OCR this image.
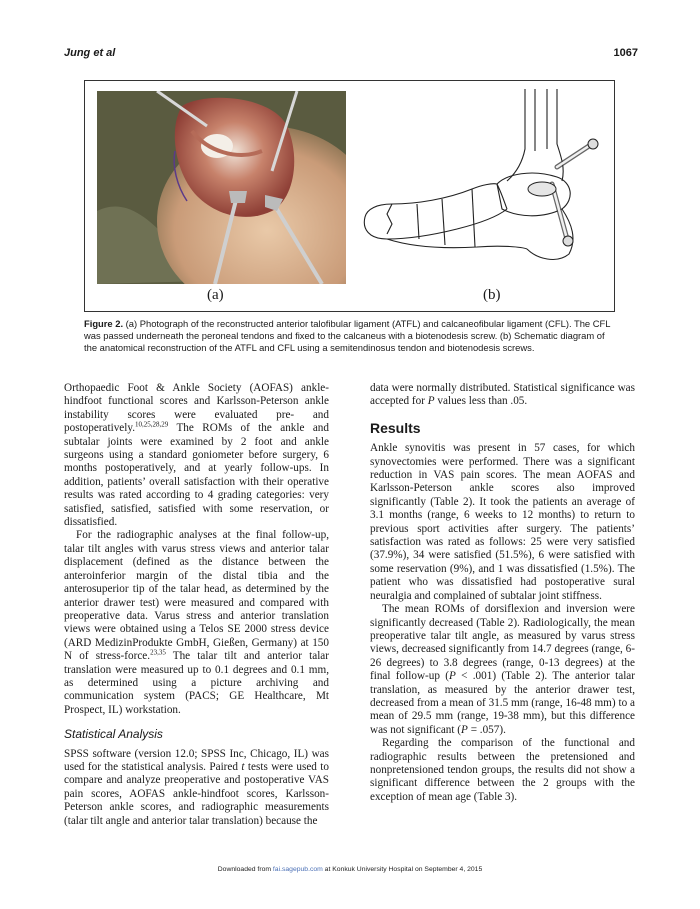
Jung et al	1067
(a)	(b)
Figure 2. (a) Photograph of the reconstructed anterior talofibular ligament (ATFL) and calcaneofibular ligament (CFL). The CFL was passed underneath the peroneal tendons and fixed to the calcaneus with a biotenodesis screw. (b) Schematic diagram of the anatomical reconstruction of the ATFL and CFL using a semitendinosus tendon and biotenodesis screws.

Orthopaedic Foot & Ankle Society (AOFAS) ankle-hindfoot functional scores and Karlsson-Peterson ankle instability scores were evaluated pre- and postoperatively.$^{10,25,28,29}$ The ROMs of the ankle and subtalar joints were examined by 2 foot and ankle surgeons using a standard goniometer before surgery, 6 months postoperatively, and at yearly follow-ups. In addition, patients’ overall satisfaction with their operative results was rated according to 4 grading categories: very satisfied, satisfied, satisfied with some reservation, or dissatisfied.

For the radiographic analyses at the final follow-up, talar tilt angles with varus stress views and anterior talar displacement (defined as the distance between the anteroinferior margin of the distal tibia and the anterosuperior tip of the talar head, as determined by the anterior drawer test) were measured and compared with preoperative data. Varus stress and anterior translation views were obtained using a Telos SE 2000 stress device (ARD MedizinProdukte GmbH, Gießen, Germany) at 150 N of stress-force.$^{23,35}$ The talar tilt and anterior talar translation were measured up to 0.1 degrees and 0.1 mm, as determined using a picture archiving and communication system (PACS; GE Healthcare, Mt Prospect, IL) workstation.

Statistical Analysis

SPSS software (version 12.0; SPSS Inc, Chicago, IL) was used for the statistical analysis. Paired t tests were used to compare and analyze preoperative and postoperative VAS pain scores, AOFAS ankle-hindfoot scores, Karlsson-Peterson ankle scores, and radiographic measurements (talar tilt angle and anterior talar translation) because the

data were normally distributed. Statistical significance was accepted for P values less than .05.

Results

Ankle synovitis was present in 57 cases, for which synovectomies were performed. There was a significant reduction in VAS pain scores. The mean AOFAS and Karlsson-Peterson ankle scores also improved significantly (Table 2). It took the patients an average of 3.1 months (range, 6 weeks to 12 months) to return to previous sport activities after surgery. The patients’ satisfaction was rated as follows: 25 were very satisfied (37.9%), 34 were satisfied (51.5%), 6 were satisfied with some reservation (9%), and 1 was dissatisfied (1.5%). The patient who was dissatisfied had postoperative sural neuralgia and complained of subtalar joint stiffness.

The mean ROMs of dorsiflexion and inversion were significantly decreased (Table 2). Radiologically, the mean preoperative talar tilt angle, as measured by varus stress views, decreased significantly from 14.7 degrees (range, 6-26 degrees) to 3.8 degrees (range, 0-13 degrees) at the final follow-up (P < .001) (Table 2). The anterior talar translation, as measured by the anterior drawer test, decreased from a mean of 31.5 mm (range, 16-48 mm) to a mean of 29.5 mm (range, 19-38 mm), but this difference was not significant (P = .057).

Regarding the comparison of the functional and radiographic results between the pretensioned and nonpretensioned tendon groups, the results did not show a significant difference between the 2 groups with the exception of mean age (Table 3).

Downloaded from fai.sagepub.com at Konkuk University Hospital on September 4, 2015
